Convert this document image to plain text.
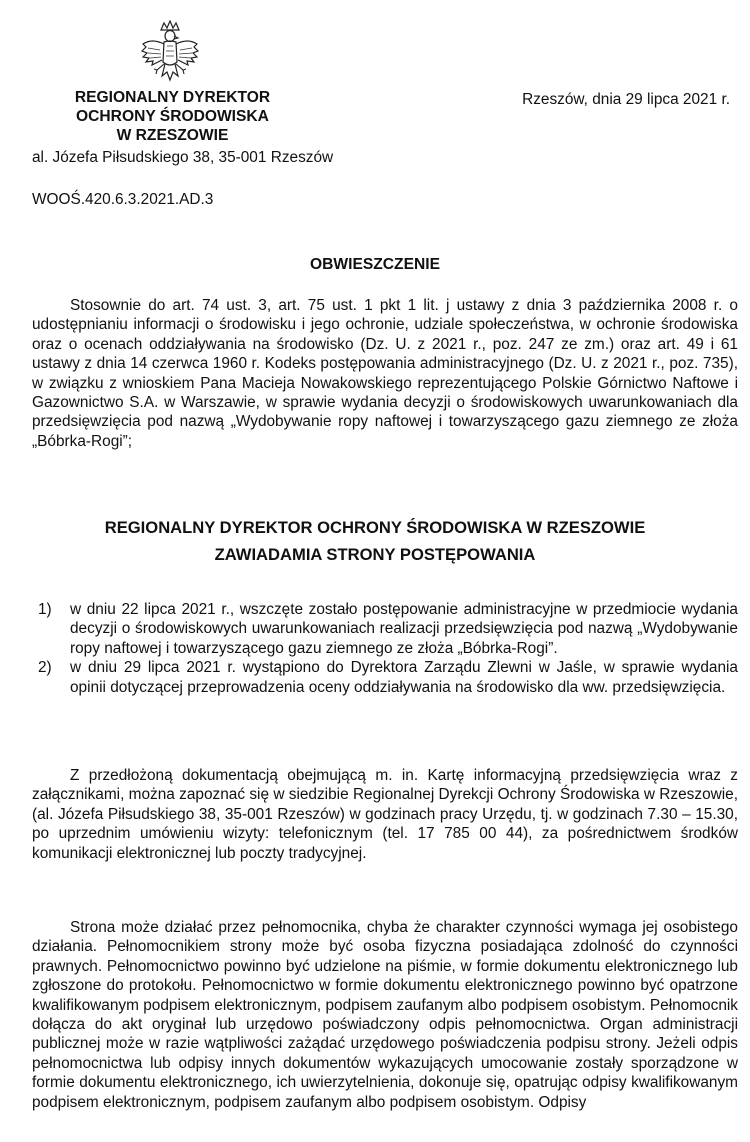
REGIONALNY DYREKTOR
OCHRONY ŚRODOWISKA
W RZESZOWIE
al. Józefa Piłsudskiego 38, 35-001 Rzeszów
Rzeszów, dnia 29 lipca 2021 r.
WOOŚ.420.6.3.2021.AD.3
OBWIESZCZENIE
Stosownie do art. 74 ust. 3, art. 75 ust. 1 pkt 1 lit. j ustawy z dnia 3 października 2008 r. o udostępnianiu informacji o środowisku i jego ochronie, udziale społeczeństwa, w ochronie środowiska oraz o ocenach oddziaływania na środowisko (Dz. U. z 2021 r., poz. 247 ze zm.) oraz art. 49 i 61 ustawy z dnia 14 czerwca 1960 r. Kodeks postępowania administracyjnego (Dz. U. z 2021 r., poz. 735), w związku z wnioskiem Pana Macieja Nowakowskiego reprezentującego Polskie Górnictwo Naftowe i Gazownictwo S.A. w Warszawie, w sprawie wydania decyzji o środowiskowych uwarunkowaniach dla przedsięwzięcia pod nazwą „Wydobywanie ropy naftowej i towarzyszącego gazu ziemnego ze złoża „Bóbrka-Rogi”;
REGIONALNY DYREKTOR OCHRONY ŚRODOWISKA W RZESZOWIE
ZAWIADAMIA STRONY POSTĘPOWANIA
1) w dniu 22 lipca 2021 r., wszczęte zostało postępowanie administracyjne w przedmiocie wydania decyzji o środowiskowych uwarunkowaniach realizacji przedsięwzięcia pod nazwą „Wydobywanie ropy naftowej i towarzyszącego gazu ziemnego ze złoża „Bóbrka-Rogi”.
2) w dniu 29 lipca 2021 r. wystąpiono do Dyrektora Zarządu Zlewni w Jaśle, w sprawie wydania opinii dotyczącej przeprowadzenia oceny oddziaływania na środowisko dla ww. przedsięwzięcia.
Z przedłożoną dokumentacją obejmującą m. in. Kartę informacyjną przedsięwzięcia wraz z załącznikami, można zapoznać się w siedzibie Regionalnej Dyrekcji Ochrony Środowiska w Rzeszowie, (al. Józefa Piłsudskiego 38, 35-001 Rzeszów) w godzinach pracy Urzędu, tj. w godzinach 7.30 – 15.30, po uprzednim umówieniu wizyty: telefonicznym (tel. 17 785 00 44), za pośrednictwem środków komunikacji elektronicznej lub poczty tradycyjnej.
Strona może działać przez pełnomocnika, chyba że charakter czynności wymaga jej osobistego działania. Pełnomocnikiem strony może być osoba fizyczna posiadająca zdolność do czynności prawnych. Pełnomocnictwo powinno być udzielone na piśmie, w formie dokumentu elektronicznego lub zgłoszone do protokołu. Pełnomocnictwo w formie dokumentu elektronicznego powinno być opatrzone kwalifikowanym podpisem elektronicznym, podpisem zaufanym albo podpisem osobistym. Pełnomocnik dołącza do akt oryginał lub urzędowo poświadczony odpis pełnomocnictwa. Organ administracji publicznej może w razie wątpliwości zażądać urzędowego poświadczenia podpisu strony. Jeżeli odpis pełnomocnictwa lub odpisy innych dokumentów wykazujących umocowanie zostały sporządzone w formie dokumentu elektronicznego, ich uwierzytelnienia, dokonuje się, opatrując odpisy kwalifikowanym podpisem elektronicznym, podpisem zaufanym albo podpisem osobistym. Odpisy
